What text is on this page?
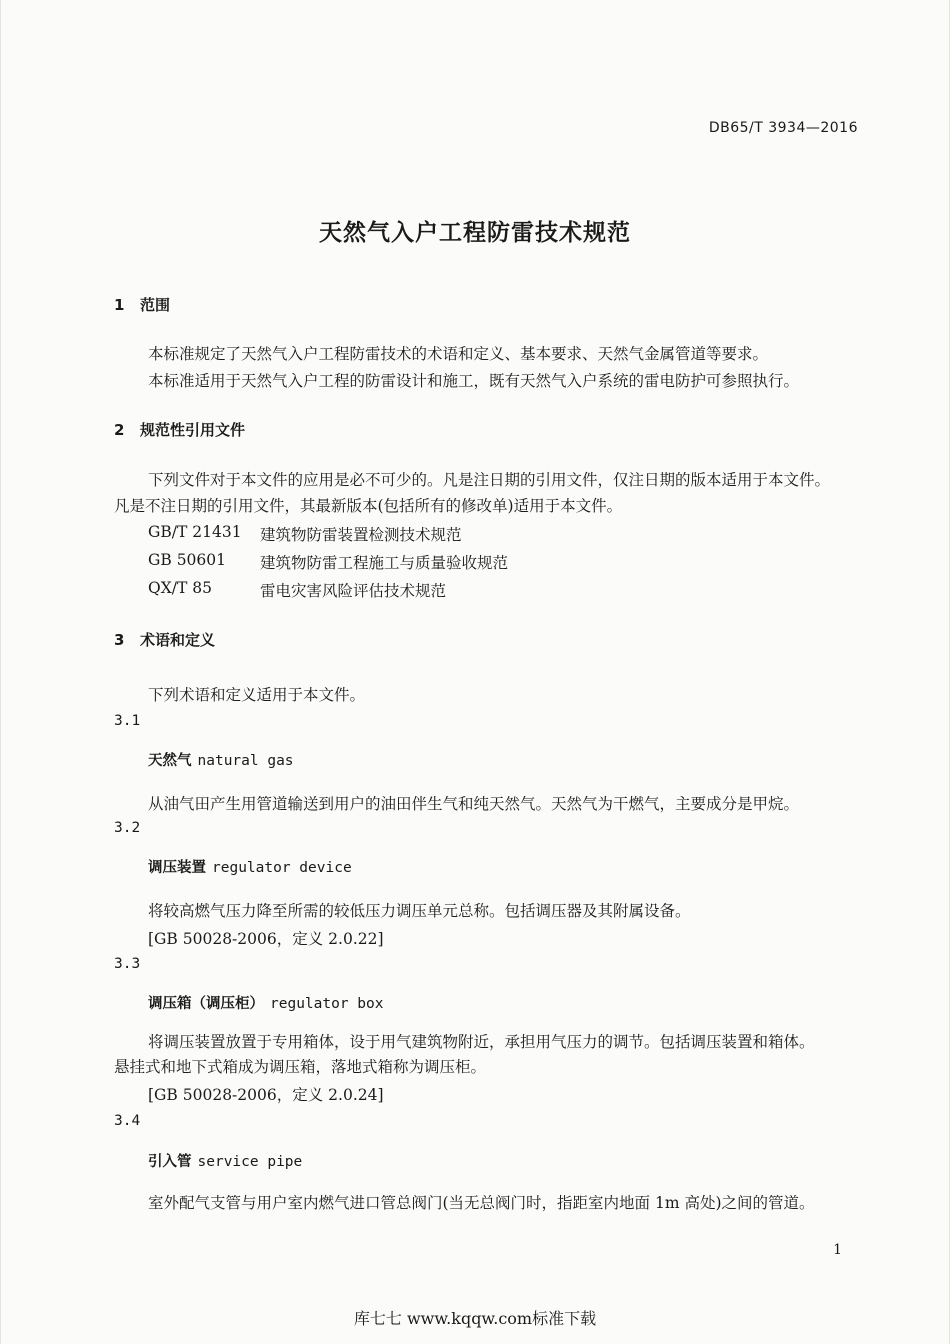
DB65/T 3934—2016
天然气入户工程防雷技术规范
1 范围
本标准规定了天然气入户工程防雷技术的术语和定义、基本要求、天然气金属管道等要求。
本标准适用于天然气入户工程的防雷设计和施工，既有天然气入户系统的雷电防护可参照执行。
2 规范性引用文件
下列文件对于本文件的应用是必不可少的。凡是注日期的引用文件，仅注日期的版本适用于本文件。
凡是不注日期的引用文件，其最新版本(包括所有的修改单)适用于本文件。
GB/T 21431 建筑物防雷装置检测技术规范
GB 50601 建筑物防雷工程施工与质量验收规范
QX/T 85	雷电灾害风险评估技术规范
3 术语和定义
下列术语和定义适用于本文件。
3.1
天然气 natural gas
从油气田产生用管道输送到用户的油田伴生气和纯天然气。天然气为干燃气，主要成分是甲烷。
3.2
调压装置 regulator device
将较高燃气压力降至所需的较低压力调压单元总称。包括调压器及其附属设备。
[GB 50028-2006，定义 2.0.22]
3.3
调压箱（调压柜） regulator box
将调压装置放置于专用箱体，设于用气建筑物附近，承担用气压力的调节。包括调压装置和箱体。
悬挂式和地下式箱成为调压箱，落地式箱称为调压柜。
[GB 50028-2006，定义 2.0.24]
3.4
引入管 service pipe
室外配气支管与用户室内燃气进口管总阀门(当无总阀门时，指距室内地面 1m 高处)之间的管道。
1
库七七 www.kqqw.com标准下载
